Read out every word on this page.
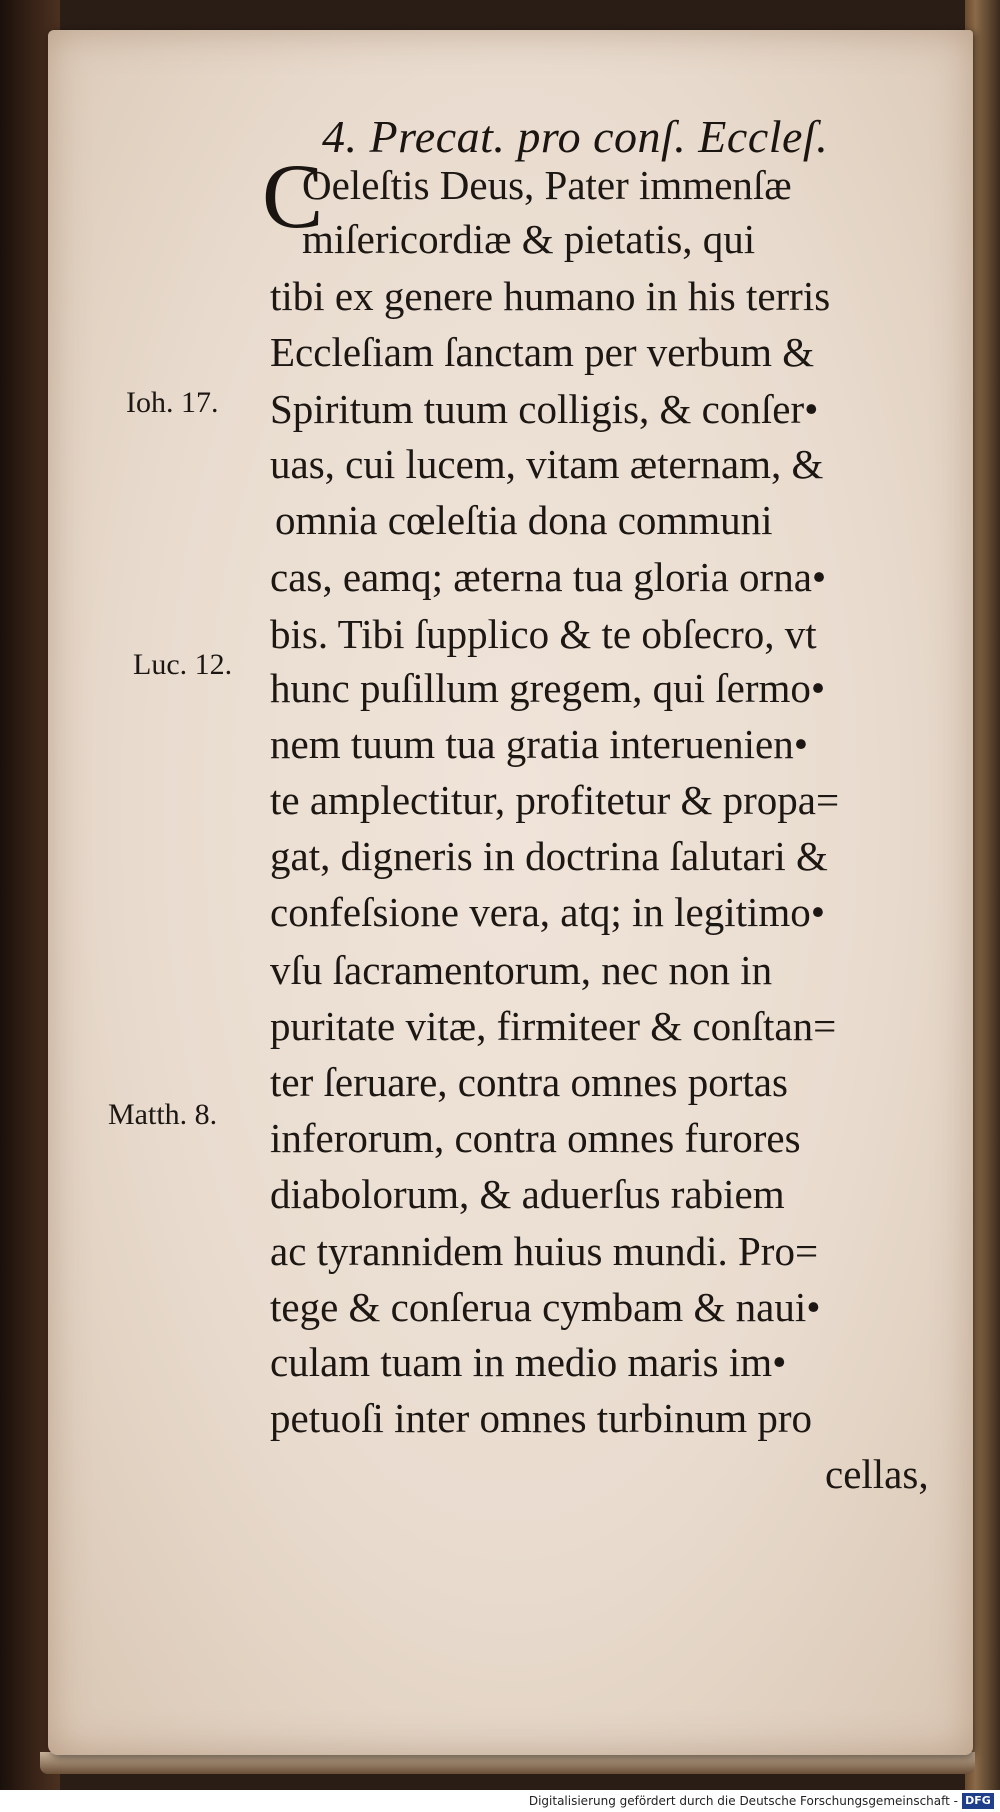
4. Precat. pro conſ. Eccleſ.
C
Oeleſtis Deus, Pater immenſæ
miſericordiæ & pietatis, qui
tibi ex genere humano in his terris
Eccleſiam ſanctam per verbum &
Spiritum tuum colligis, & conſer•
uas, cui lucem, vitam æternam, &
omnia cœleſtia dona communi
cas, eamq; æterna tua gloria orna•
bis. Tibi ſupplico & te obſecro, vt
hunc puſillum gregem, qui ſermo•
nem tuum tua gratia interuenien•
te amplectitur, profitetur & propa=
gat, digneris in doctrina ſalutari &
confeſsione vera, atq; in legitimo•
vſu ſacramentorum, nec non in
puritate vitæ, firmiteer & conſtan=
ter ſeruare, contra omnes portas
inferorum, contra omnes furores
diabolorum, & aduerſus rabiem
ac tyrannidem huius mundi. Pro=
tege & conſerua cymbam & naui•
culam tuam in medio maris im•
petuoſi inter omnes turbinum pro
cellas,
Ioh. 17.
Luc. 12.
Matth. 8.
Digitalisierung gefördert durch die Deutsche Forschungsgemeinschaft - DFG
